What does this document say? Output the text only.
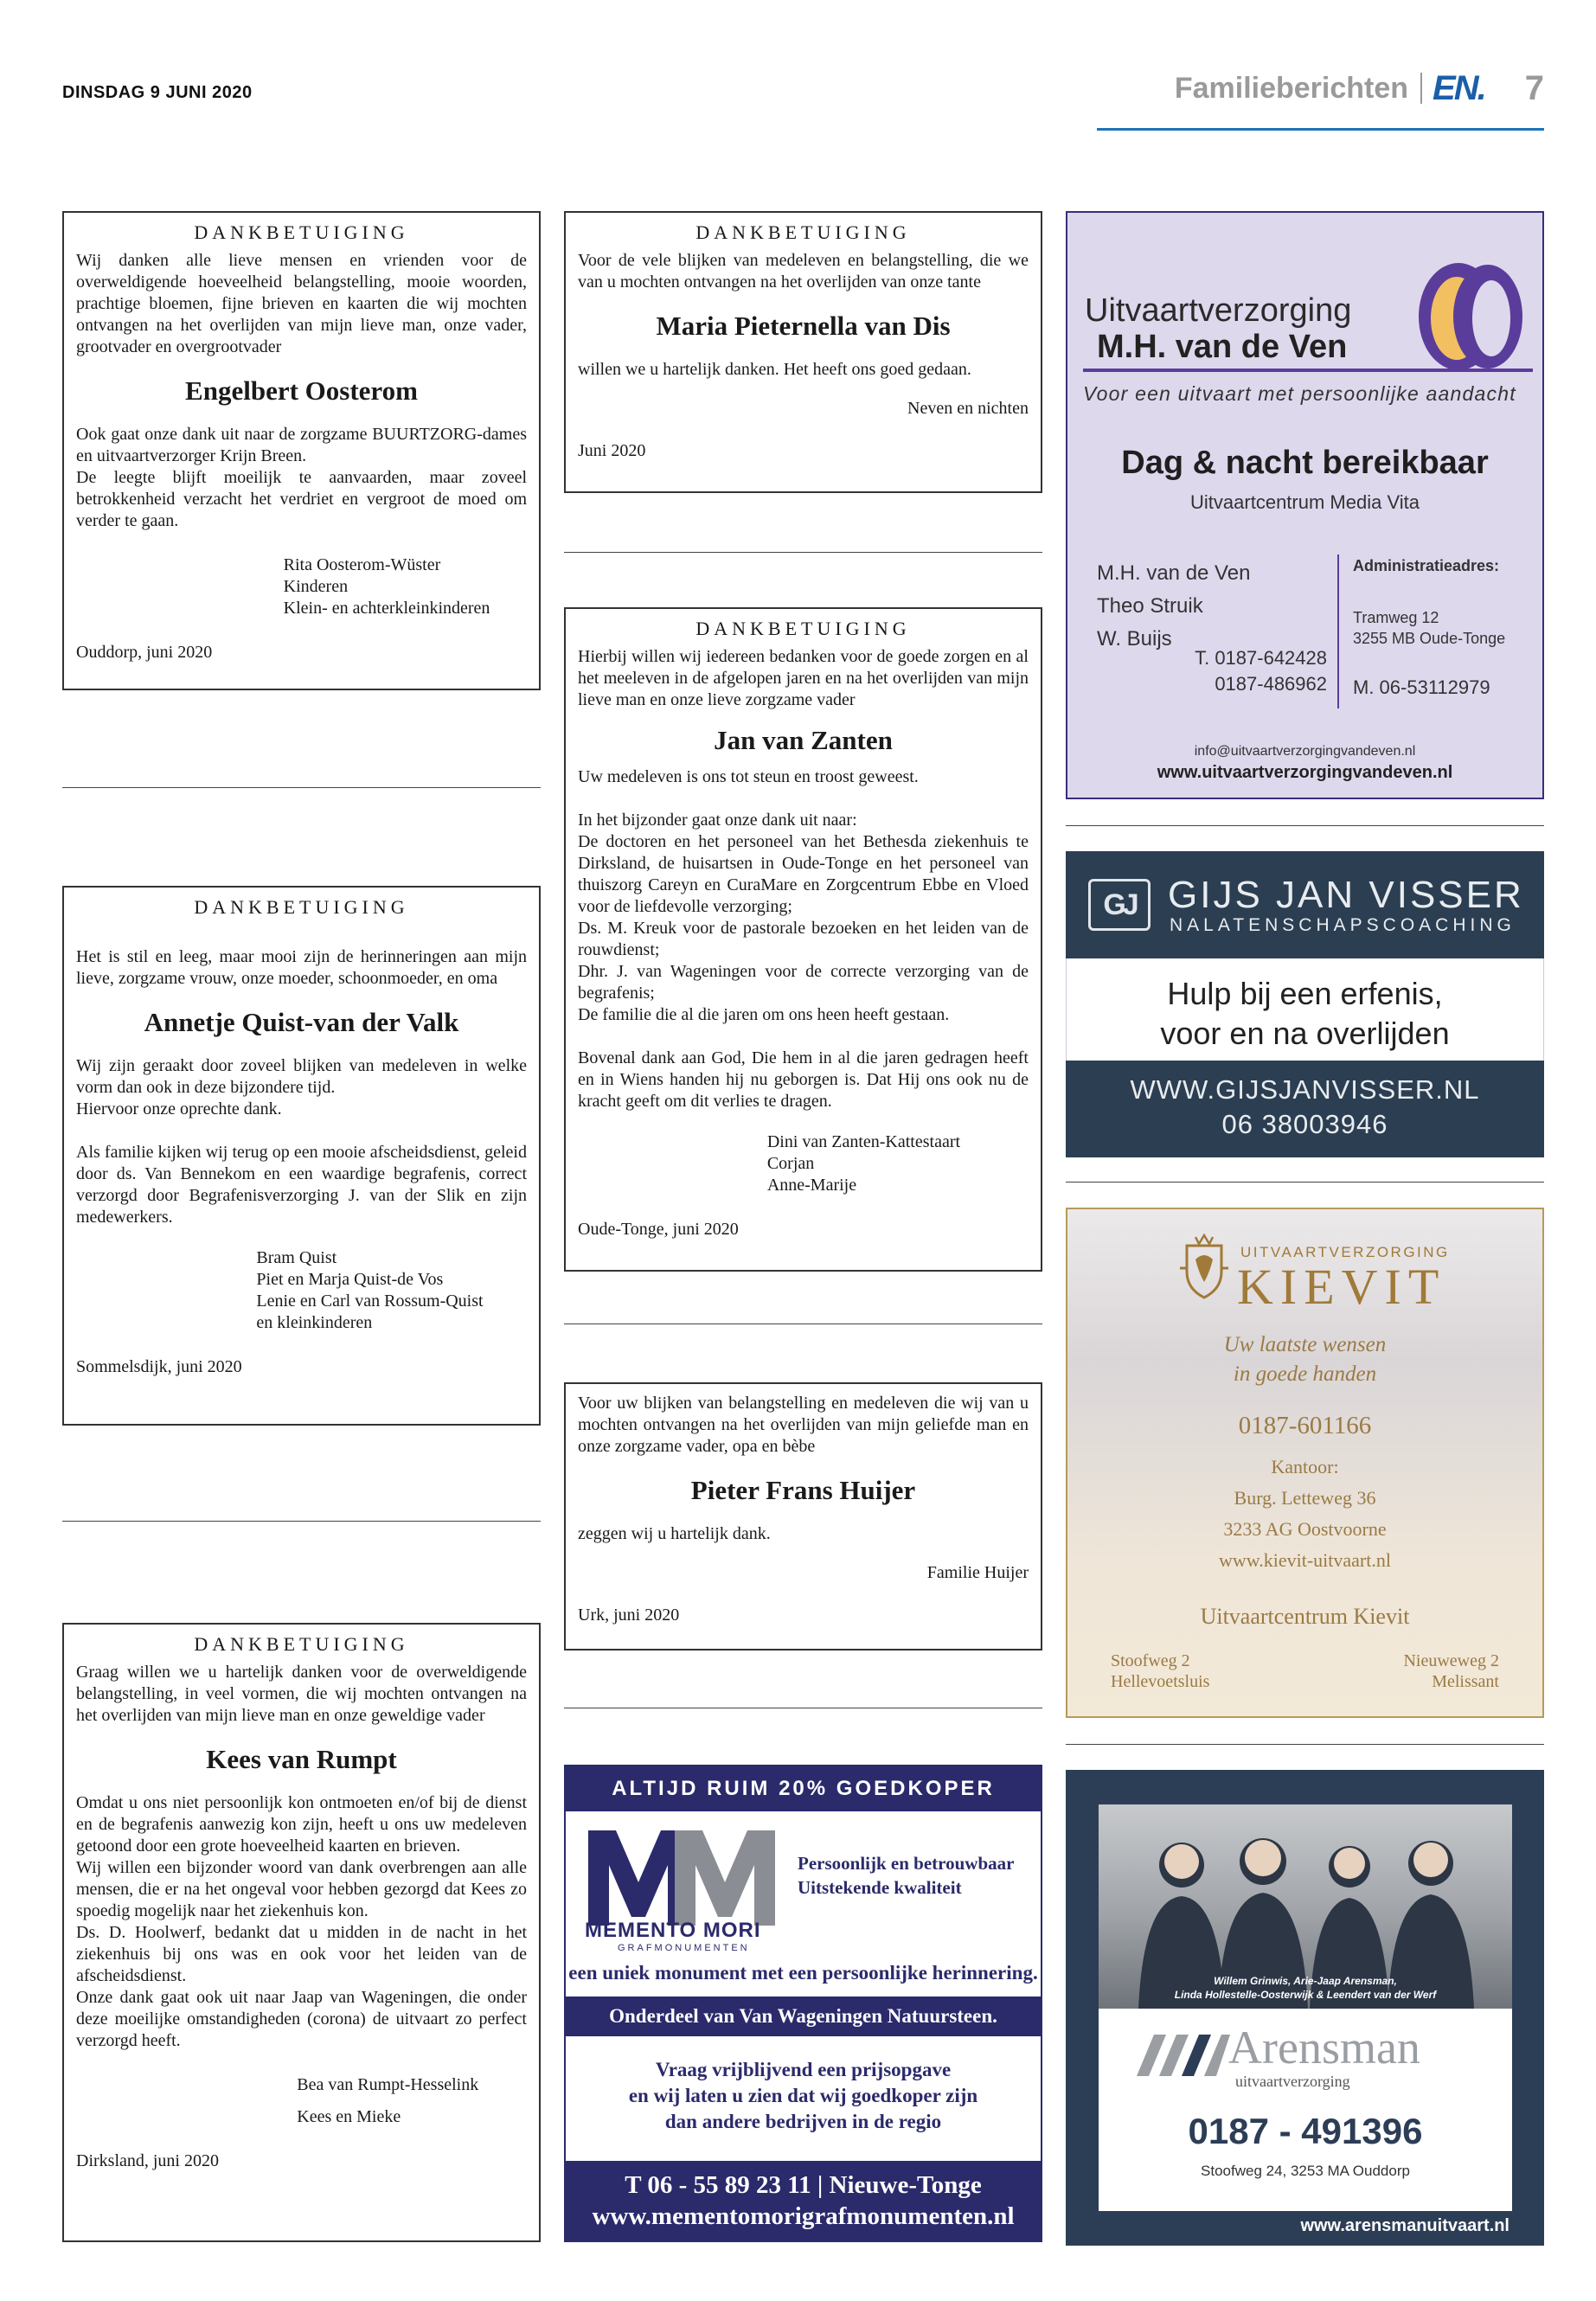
DINSDAG 9 JUNI 2020	Familieberichten EN. 7
DANKBETUIGING
Wij danken alle lieve mensen en vrienden voor de overweldigende hoeveelheid belangstelling, mooie woorden, prachtige bloemen, fijne brieven en kaarten die wij mochten ontvangen na het overlijden van mijn lieve man, onze vader, grootvader en overgrootvader
Engelbert Oosterom
Ook gaat onze dank uit naar de zorgzame BUURTZORG-dames en uitvaartverzorger Krijn Breen.
De leegte blijft moeilijk te aanvaarden, maar zoveel betrokkenheid verzacht het verdriet en vergroot de moed om verder te gaan.
Rita Oosterom-Wüster
Kinderen
Klein- en achterkleinkinderen
Ouddorp, juni 2020
DANKBETUIGING
Het is stil en leeg, maar mooi zijn de herinneringen aan mijn lieve, zorgzame vrouw, onze moeder, schoonmoeder, en oma
Annetje Quist-van der Valk
Wij zijn geraakt door zoveel blijken van medeleven in welke vorm dan ook in deze bijzondere tijd.
Hiervoor onze oprechte dank.
Als familie kijken wij terug op een mooie afscheidsdienst, geleid door ds. Van Bennekom en een waardige begrafenis, correct verzorgd door Begrafenisverzorging J. van der Slik en zijn medewerkers.
Bram Quist
Piet en Marja Quist-de Vos
Lenie en Carl van Rossum-Quist
en kleinkinderen
Sommelsdijk, juni 2020
DANKBETUIGING
Graag willen we u hartelijk danken voor de overweldigende belangstelling, in veel vormen, die wij mochten ontvangen na het overlijden van mijn lieve man en onze geweldige vader
Kees van Rumpt
Omdat u ons niet persoonlijk kon ontmoeten en/of bij de dienst en de begrafenis aanwezig kon zijn, heeft u ons uw medeleven getoond door een grote hoeveelheid kaarten en brieven.
Wij willen een bijzonder woord van dank overbrengen aan alle mensen, die er na het ongeval voor hebben gezorgd dat Kees zo spoedig mogelijk naar het ziekenhuis kon.
Ds. D. Hoolwerf, bedankt dat u midden in de nacht in het ziekenhuis bij ons was en ook voor het leiden van de afscheidsdienst.
Onze dank gaat ook uit naar Jaap van Wageningen, die onder deze moeilijke omstandigheden (corona) de uitvaart zo perfect verzorgd heeft.
Bea van Rumpt-Hesselink
Kees en Mieke
Dirksland, juni 2020
DANKBETUIGING
Voor de vele blijken van medeleven en belangstelling, die we van u mochten ontvangen na het overlijden van onze tante
Maria Pieternella van Dis
willen we u hartelijk danken. Het heeft ons goed gedaan.
Neven en nichten
Juni 2020
DANKBETUIGING
Hierbij willen wij iedereen bedanken voor de goede zorgen en al het meeleven in de afgelopen jaren en na het overlijden van mijn lieve man en onze lieve zorgzame vader
Jan van Zanten
Uw medeleven is ons tot steun en troost geweest.
In het bijzonder gaat onze dank uit naar:
De doctoren en het personeel van het Bethesda ziekenhuis te Dirksland, de huisartsen in Oude-Tonge en het personeel van thuiszorg Careyn en CuraMare en Zorgcentrum Ebbe en Vloed voor de liefdevolle verzorging;
Ds. M. Kreuk voor de pastorale bezoeken en het leiden van de rouwdienst;
Dhr. J. van Wageningen voor de correcte verzorging van de begrafenis;
De familie die al die jaren om ons heen heeft gestaan.
Bovenal dank aan God, Die hem in al die jaren gedragen heeft en in Wiens handen hij nu geborgen is. Dat Hij ons ook nu de kracht geeft om dit verlies te dragen.
Dini van Zanten-Kattestaart
Corjan
Anne-Marije
Oude-Tonge, juni 2020
Voor uw blijken van belangstelling en medeleven die wij van u mochten ontvangen na het overlijden van mijn geliefde man en onze zorgzame vader, opa en bèbe
Pieter Frans Huijer
zeggen wij u hartelijk dank.
Familie Huijer
Urk, juni 2020
ALTIJD RUIM 20% GOEDKOPER
MEMENTO MORI
GRAFMONUMENTEN
Persoonlijk en betrouwbaar
Uitstekende kwaliteit
een uniek monument met een persoonlijke herinnering.
Onderdeel van Van Wageningen Natuursteen.
Vraag vrijblijvend een prijsopgave
en wij laten u zien dat wij goedkoper zijn
dan andere bedrijven in de regio
T 06 - 55 89 23 11 | Nieuwe-Tonge
www.mementomorigrafmonumenten.nl
Uitvaartverzorging
M.H. van de Ven
Voor een uitvaart met persoonlijke aandacht
Dag & nacht bereikbaar
Uitvaartcentrum Media Vita
M.H. van de Ven
Theo Struik
W. Buijs
T. 0187-642428
0187-486962
Administratieadres:
Tramweg 12
3255 MB Oude-Tonge
M. 06-53112979
info@uitvaartverzorgingvandeven.nl
www.uitvaartverzorgingvandeven.nl
GJ GIJS JAN VISSER
NALATENSCHAPSCOACHING
Hulp bij een erfenis,
voor en na overlijden
WWW.GIJSJANVISSER.NL
06 38003946
UITVAARTVERZORGING
KIEVIT
Uw laatste wensen
in goede handen
0187-601166
Kantoor:
Burg. Letteweg 36
3233 AG Oostvoorne
www.kievit-uitvaart.nl
Uitvaartcentrum Kievit
Stoofweg 2
Hellevoetsluis
Nieuweweg 2
Melissant
Willem Grinwis, Arie-Jaap Arensman,
Linda Hollestelle-Oosterwijk & Leendert van der Werf
Arensman
uitvaartverzorging
0187 - 491396
Stoofweg 24, 3253 MA Ouddorp
www.arensmanuitvaart.nl
